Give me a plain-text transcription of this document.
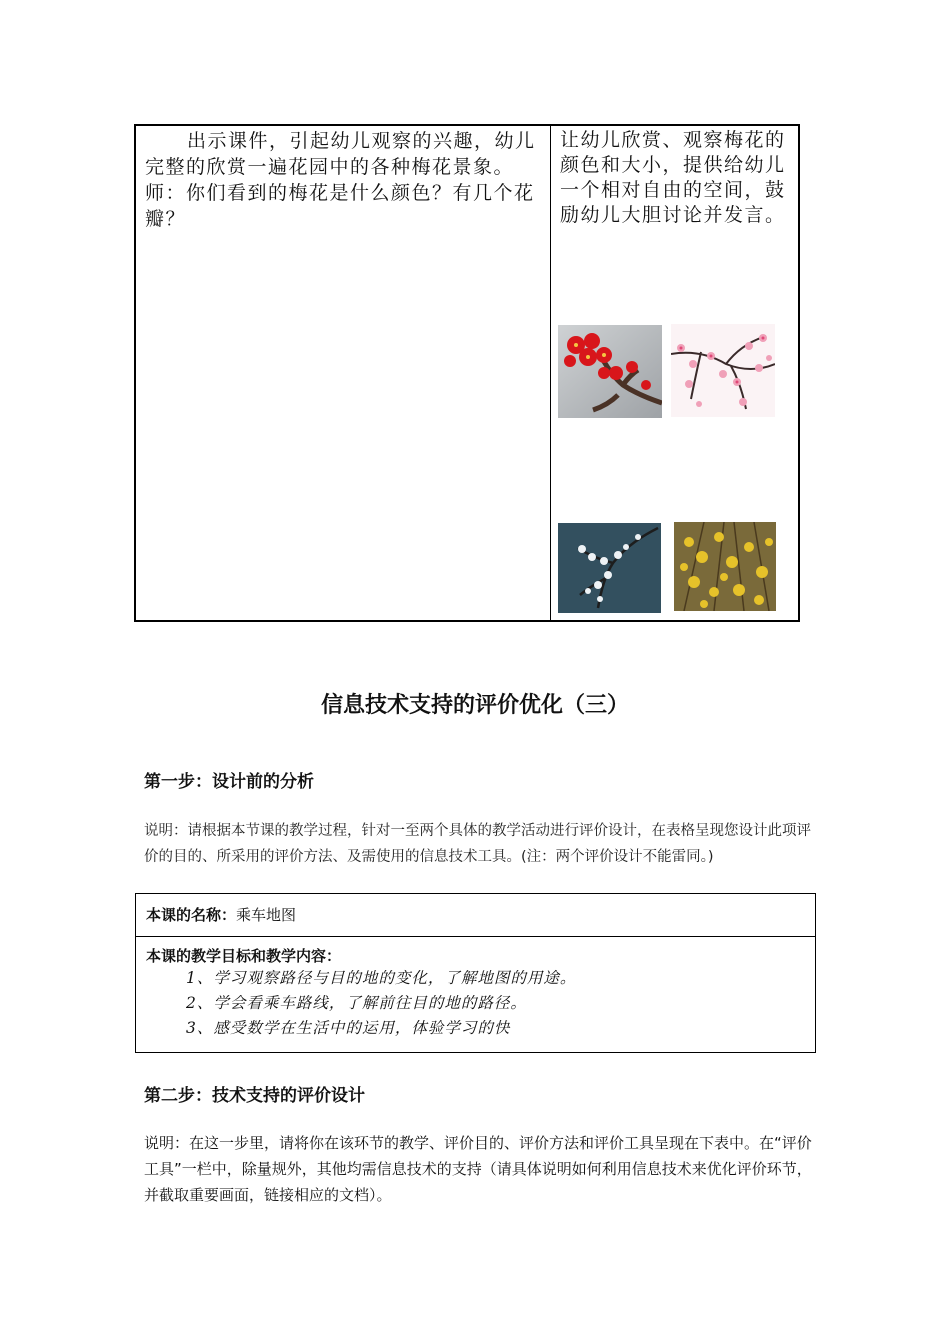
出示课件，引起幼儿观察的兴趣，幼儿完整的欣赏一遍花园中的各种梅花景象。

师：你们看到的梅花是什么颜色？有几个花瓣？

让幼儿欣赏、观察梅花的颜色和大小，提供给幼儿一个相对自由的空间，鼓励幼儿大胆讨论并发言。
信息技术支持的评价优化（三）
第一步：设计前的分析
说明：请根据本节课的教学过程，针对一至两个具体的教学活动进行评价设计，在表格呈现您设计此项评价的目的、所采用的评价方法、及需使用的信息技术工具。(注：两个评价设计不能雷同。)
本课的名称：乘车地图
本课的教学目标和教学内容：
1、学习观察路径与目的地的变化，了解地图的用途。
2、学会看乘车路线，了解前往目的地的路径。
3、感受数学在生活中的运用，体验学习的快
第二步：技术支持的评价设计
说明：在这一步里，请将你在该环节的教学、评价目的、评价方法和评价工具呈现在下表中。在“评价工具”一栏中，除量规外，其他均需信息技术的支持（请具体说明如何利用信息技术来优化评价环节，并截取重要画面，链接相应的文档）。
